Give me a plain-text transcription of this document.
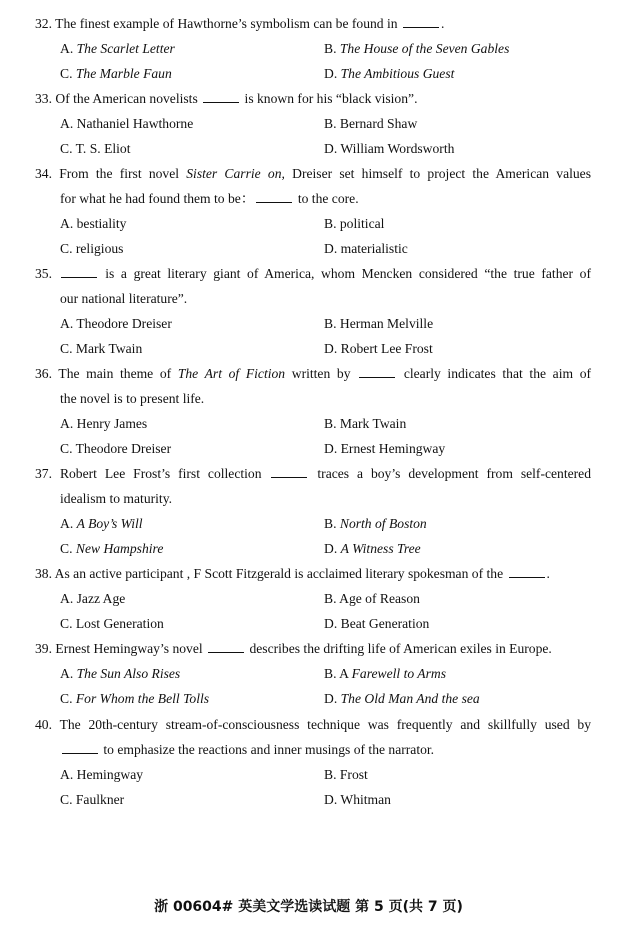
32. The finest example of Hawthorne’s symbolism can be found in	.
A. The Scarlet Letter	B. The House of the Seven Gables
C. The Marble Faun	D. The Ambitious Guest
33. Of the American novelists	is known for his “black vision”.
A. Nathaniel Hawthorne	B. Bernard Shaw
C. T. S. Eliot	D. William Wordsworth
34. From the first novel Sister Carrie on, Dreiser set himself to project the American values
for what he had found them to be：	to the core.
A. bestiality	B. political
C. religious	D. materialistic
35.	is a great literary giant of America, whom Mencken considered “the true father of
our national literature”.
A. Theodore Dreiser	B. Herman Melville
C. Mark Twain	D. Robert Lee Frost
36. The main theme of The Art of Fiction written by	clearly indicates that the aim of
the novel is to present life.
A. Henry James	B. Mark Twain
C. Theodore Dreiser	D. Ernest Hemingway
37. Robert Lee Frost’s first collection	traces a boy’s development from self-centered
idealism to maturity.
A. A Boy’s Will	B. North of Boston
C. New Hampshire	D. A Witness Tree
38. As an active participant , F Scott Fitzgerald is acclaimed literary spokesman of the	.
A. Jazz Age	B. Age of Reason
C. Lost Generation	D. Beat Generation
39. Ernest Hemingway’s novel	describes the drifting life of American exiles in Europe.
A. The Sun Also Rises	B. A Farewell to Arms
C. For Whom the Bell Tolls	D. The Old Man And the sea
40. The 20th-century stream-of-consciousness technique was frequently and skillfully used by
to emphasize the reactions and inner musings of the narrator.
A. Hemingway	B. Frost
C. Faulkner	D. Whitman
浙 00604# 英美文学选读试题 第 5 页(共 7 页)
